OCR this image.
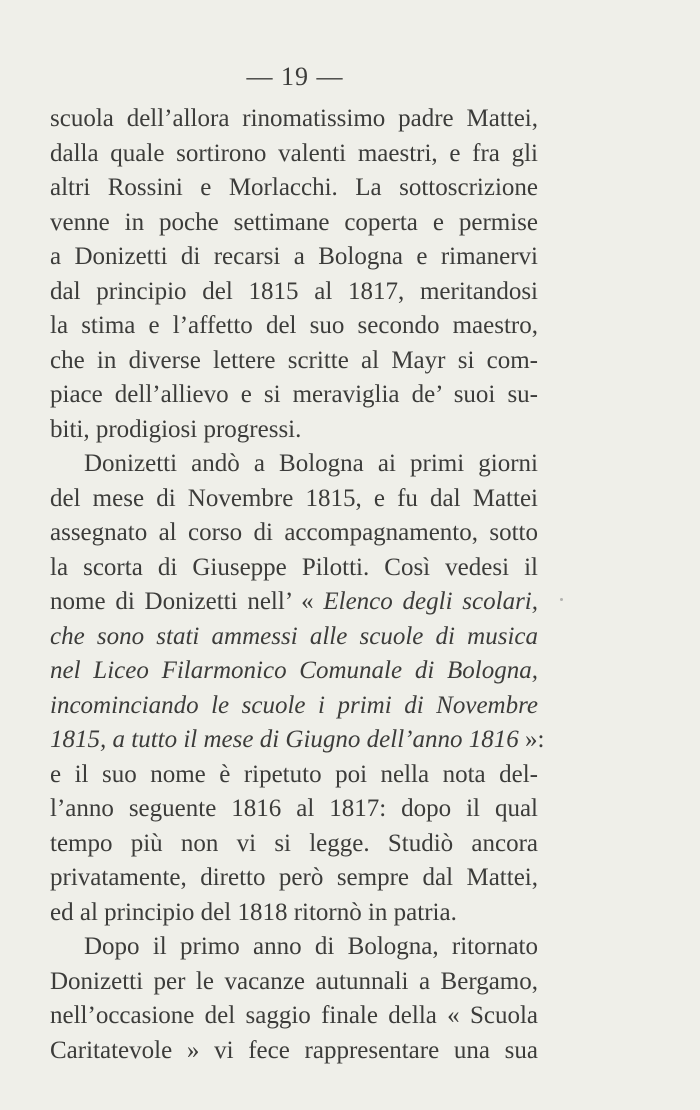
— 19 —
scuola dell’allora rinomatissimo padre Mattei,
dalla quale sortirono valenti maestri, e fra gli
altri Rossini e Morlacchi. La sottoscrizione
venne in poche settimane coperta e permise
a Donizetti di recarsi a Bologna e rimanervi
dal principio del 1815 al 1817, meritandosi
la stima e l’affetto del suo secondo maestro,
che in diverse lettere scritte al Mayr si com-
piace dell’allievo e si meraviglia de’ suoi su-
biti, prodigiosi progressi.
Donizetti andò a Bologna ai primi giorni
del mese di Novembre 1815, e fu dal Mattei
assegnato al corso di accompagnamento, sotto
la scorta di Giuseppe Pilotti. Così vedesi il
nome di Donizetti nell’ « Elenco degli scolari,
che sono stati ammessi alle scuole di musica
nel Liceo Filarmonico Comunale di Bologna,
incominciando le scuole i primi di Novembre
1815, a tutto il mese di Giugno dell’anno 1816 »:
e il suo nome è ripetuto poi nella nota del-
l’anno seguente 1816 al 1817: dopo il qual
tempo più non vi si legge. Studiò ancora
privatamente, diretto però sempre dal Mattei,
ed al principio del 1818 ritornò in patria.
Dopo il primo anno di Bologna, ritornato
Donizetti per le vacanze autunnali a Bergamo,
nell’occasione del saggio finale della « Scuola
Caritatevole » vi fece rappresentare una sua
